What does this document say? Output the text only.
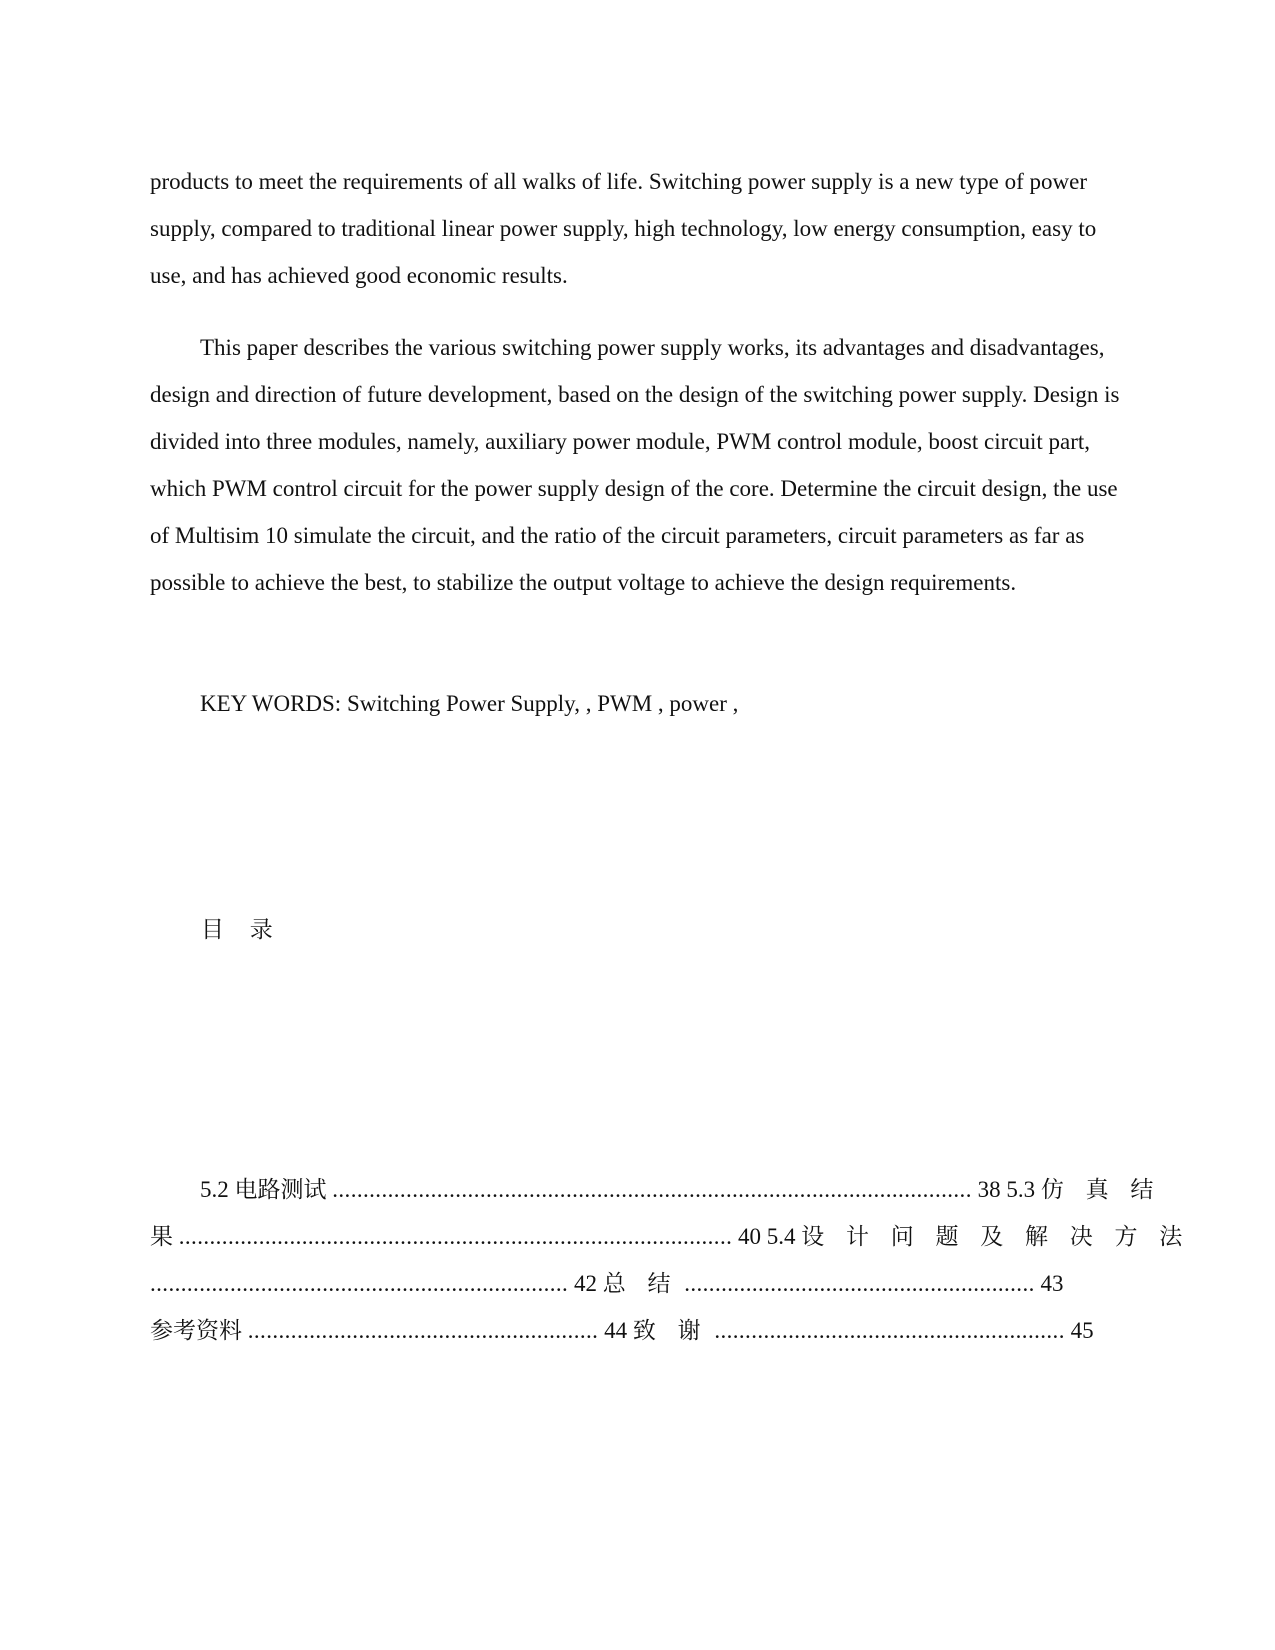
products to meet the requirements of all walks of life. Switching power supply is a new type of power supply, compared to traditional linear power supply, high technology, low energy consumption, easy to use, and has achieved good economic results.

This paper describes the various switching power supply works, its advantages and disadvantages, design and direction of future development, based on the design of the switching power supply. Design is divided into three modules, namely, auxiliary power module, PWM control module, boost circuit part, which PWM control circuit for the power supply design of the core. Determine the circuit design, the use of Multisim 10 simulate the circuit, and the ratio of the circuit parameters, circuit parameters as far as possible to achieve the best, to stabilize the output voltage to achieve the design requirements.

KEY WORDS: Switching Power Supply, , PWM , power ,

目 录
5.2 电路测试 ........................................................................................................ 38 5.3 仿 真 结
果 .......................................................................................... 40 5.4 设 计 问 题 及 解 决 方 法
.................................................................... 42 总 结 ......................................................... 43
参考资料 ......................................................... 44 致 谢 ......................................................... 45
